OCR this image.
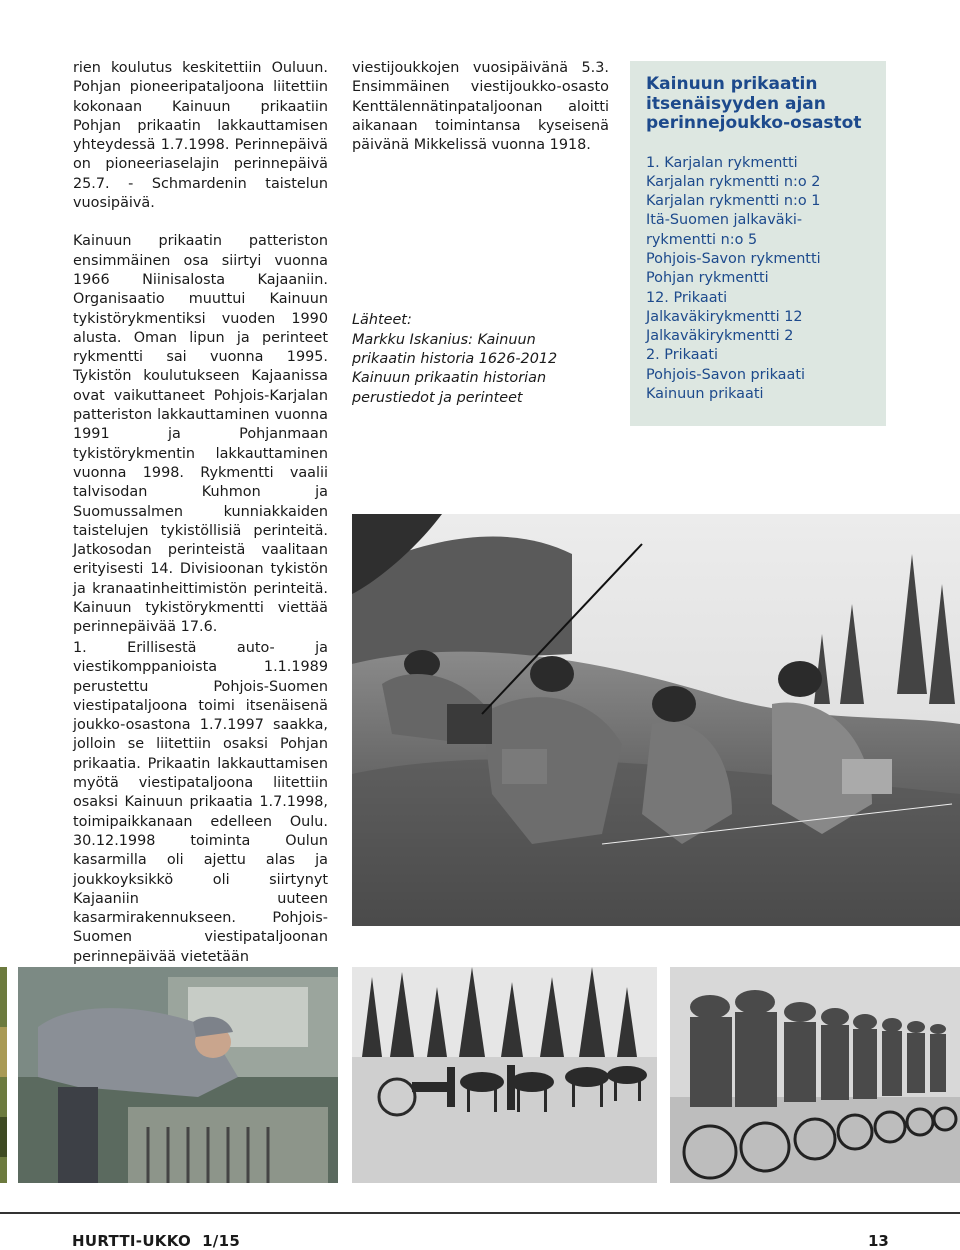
rien koulutus keskitettiin Ouluun. Pohjan pioneeripataljoona liitettiin kokonaan Kainuun prikaatiin Pohjan prikaatin lakkauttamisen yhteydessä 1.7.1998. Perinnepäivä on pioneeriaselajin perinnepäivä 25.7. - Schmardenin taistelun vuosipäivä.

Kainuun prikaatin patteriston ensimmäinen osa siirtyi vuonna 1966 Niinisalosta Kajaaniin. Organisaatio muuttui Kainuun tykistörykmentiksi vuoden 1990 alusta. Oman lipun ja perinteet rykmentti sai vuonna 1995. Tykistön koulutukseen Kajaanissa ovat vaikuttaneet Pohjois-Karjalan patteriston lakkauttaminen vuonna 1991 ja Pohjanmaan tykistörykmentin lakkauttaminen vuonna 1998. Rykmentti vaalii talvisodan Kuhmon ja Suomussalmen kunniakkaiden taistelujen tykistöllisiä perinteitä. Jatkosodan perinteistä vaalitaan erityisesti 14. Divisioonan tykistön ja kranaatinheittimistön perinteitä. Kainuun tykistörykmentti viettää perinnepäivää 17.6.

1. Erillisestä auto- ja viestikomppanioista 1.1.1989 perustettu Pohjois-Suomen viestipataljoona toimi itsenäisenä joukko-osastona 1.7.1997 saakka, jolloin se liitettiin osaksi Pohjan prikaatia. Prikaatin lakkauttamisen myötä viestipataljoona liitettiin osaksi Kainuun prikaatia 1.7.1998, toimipaikkanaan edelleen Oulu. 30.12.1998 toiminta Oulun kasarmilla oli ajettu alas ja joukkoyksikkö oli siirtynyt Kajaaniin uuteen kasarmirakennukseen. Pohjois-Suomen viestipataljoonan perinnepäivää vietetään

viestijoukkojen vuosipäivänä 5.3. Ensimmäinen viestijoukko-osasto Kenttälennätinpataljoonan aloitti aikanaan toimintansa kyseisenä päivänä Mikkelissä vuonna 1918.

Lähteet:
Markku Iskanius: Kainuun
prikaatin historia 1626-2012
Kainuun prikaatin historian
perustiedot ja perinteet
Kainuun prikaatin itsenäisyyden ajan perinnejoukko-osastot
1. Karjalan rykmentti
Karjalan rykmentti n:o 2
Karjalan rykmentti n:o 1
Itä-Suomen jalkaväki-
rykmentti n:o 5
Pohjois-Savon rykmentti
Pohjan rykmentti
12. Prikaati
Jalkaväkirykmentti 12
Jalkaväkirykmentti 2
2. Prikaati
Pohjois-Savon prikaati
Kainuun prikaati
HURTTI-UKKO  1/15	13
